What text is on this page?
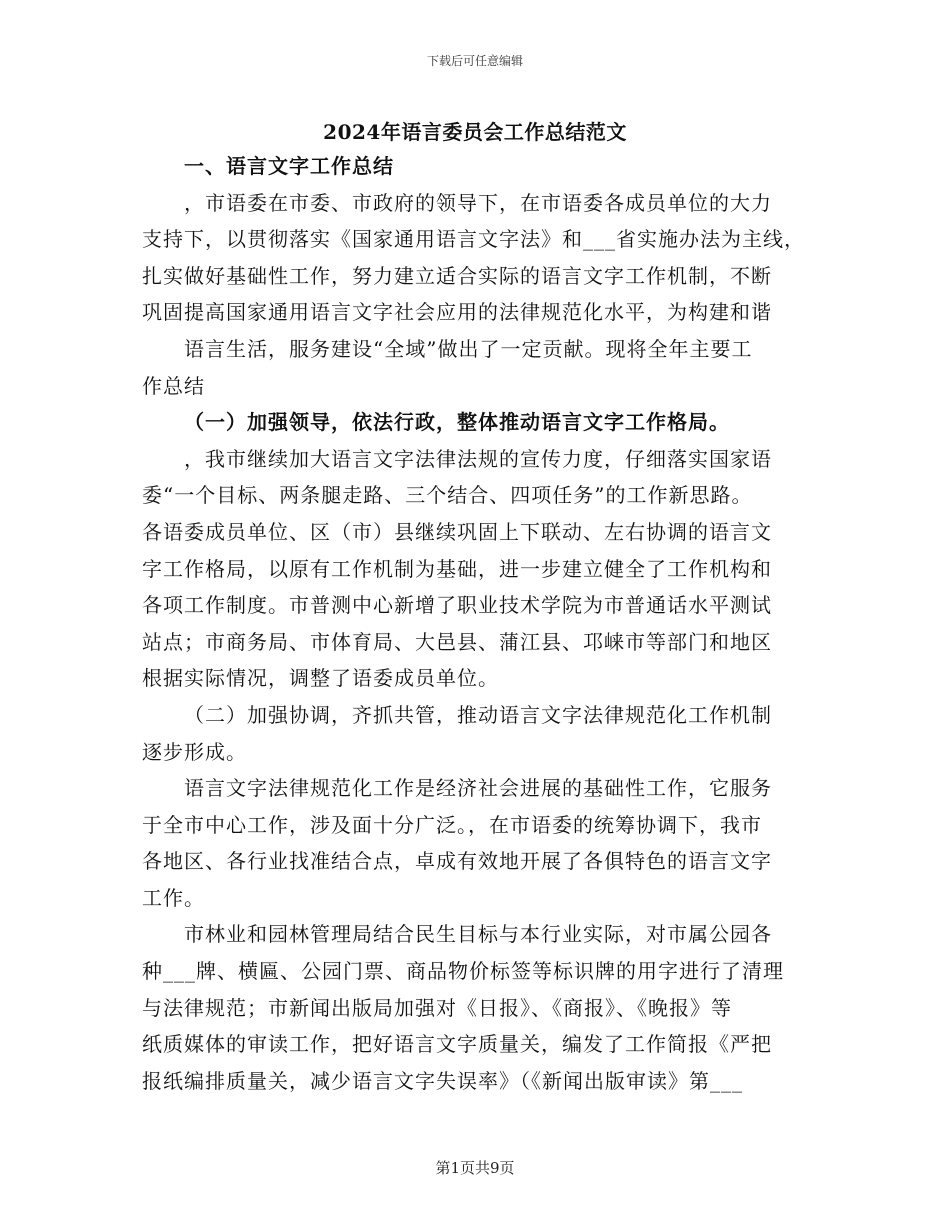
下载后可任意编辑
2024年语言委员会工作总结范文
一、语言文字工作总结
，市语委在市委、市政府的领导下，在市语委各成员单位的大力
支持下，以贯彻落实《国家通用语言文字法》和___省实施办法为主线，
扎实做好基础性工作，努力建立适合实际的语言文字工作机制，不断
巩固提高国家通用语言文字社会应用的法律规范化水平，为构建和谐
语言生活，服务建设“全域”做出了一定贡献。现将全年主要工
作总结
（一）加强领导，依法行政，整体推动语言文字工作格局。
，我市继续加大语言文字法律法规的宣传力度，仔细落实国家语
委“一个目标、两条腿走路、三个结合、四项任务”的工作新思路。
各语委成员单位、区（市）县继续巩固上下联动、左右协调的语言文
字工作格局，以原有工作机制为基础，进一步建立健全了工作机构和
各项工作制度。市普测中心新增了职业技术学院为市普通话水平测试
站点；市商务局、市体育局、大邑县、蒲江县、邛崃市等部门和地区
根据实际情况，调整了语委成员单位。
（二）加强协调，齐抓共管，推动语言文字法律规范化工作机制
逐步形成。
语言文字法律规范化工作是经济社会进展的基础性工作，它服务
于全市中心工作，涉及面十分广泛。，在市语委的统筹协调下，我市
各地区、各行业找准结合点，卓成有效地开展了各俱特色的语言文字
工作。
市林业和园林管理局结合民生目标与本行业实际，对市属公园各
种___牌、横匾、公园门票、商品物价标签等标识牌的用字进行了清理
与法律规范；市新闻出版局加强对《日报》、《商报》、《晚报》等
纸质媒体的审读工作，把好语言文字质量关，编发了工作简报《严把
报纸编排质量关，减少语言文字失误率》（《新闻出版审读》第___
第1页共9页
